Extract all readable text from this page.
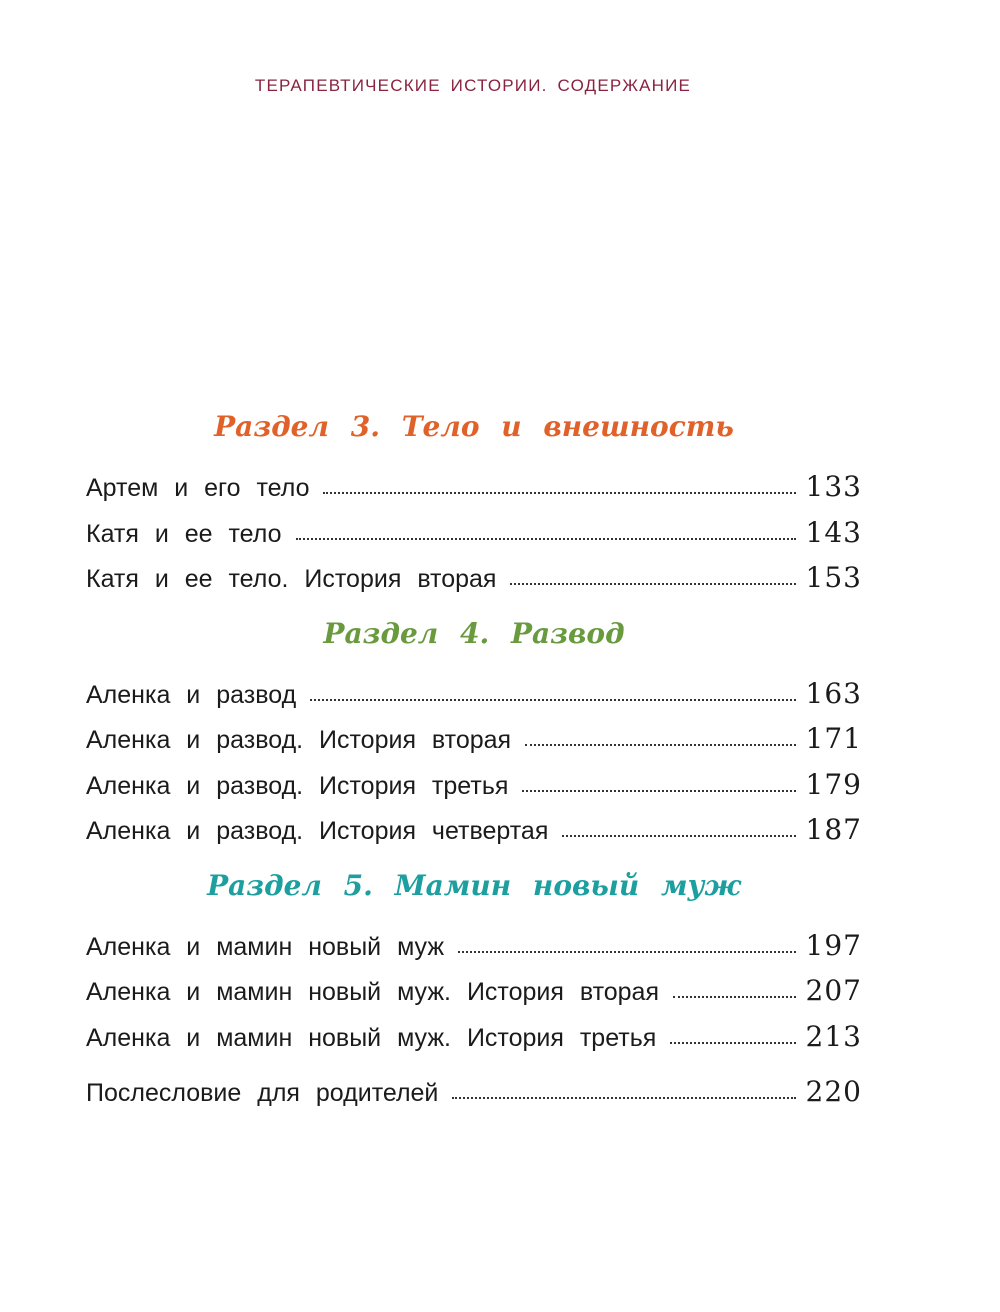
ТЕРАПЕВТИЧЕСКИЕ ИСТОРИИ. СОДЕРЖАНИЕ
Раздел 3. Тело и внешность
Артем и его тело	133
Катя и ее тело	143
Катя и ее тело. История вторая	153
Раздел 4. Развод
Аленка и развод	163
Аленка и развод. История вторая	171
Аленка и развод. История третья	179
Аленка и развод. История четвертая	187
Раздел 5. Мамин новый муж
Аленка и мамин новый муж	197
Аленка и мамин новый муж. История вторая	207
Аленка и мамин новый муж. История третья	213
Послесловие для родителей	220
